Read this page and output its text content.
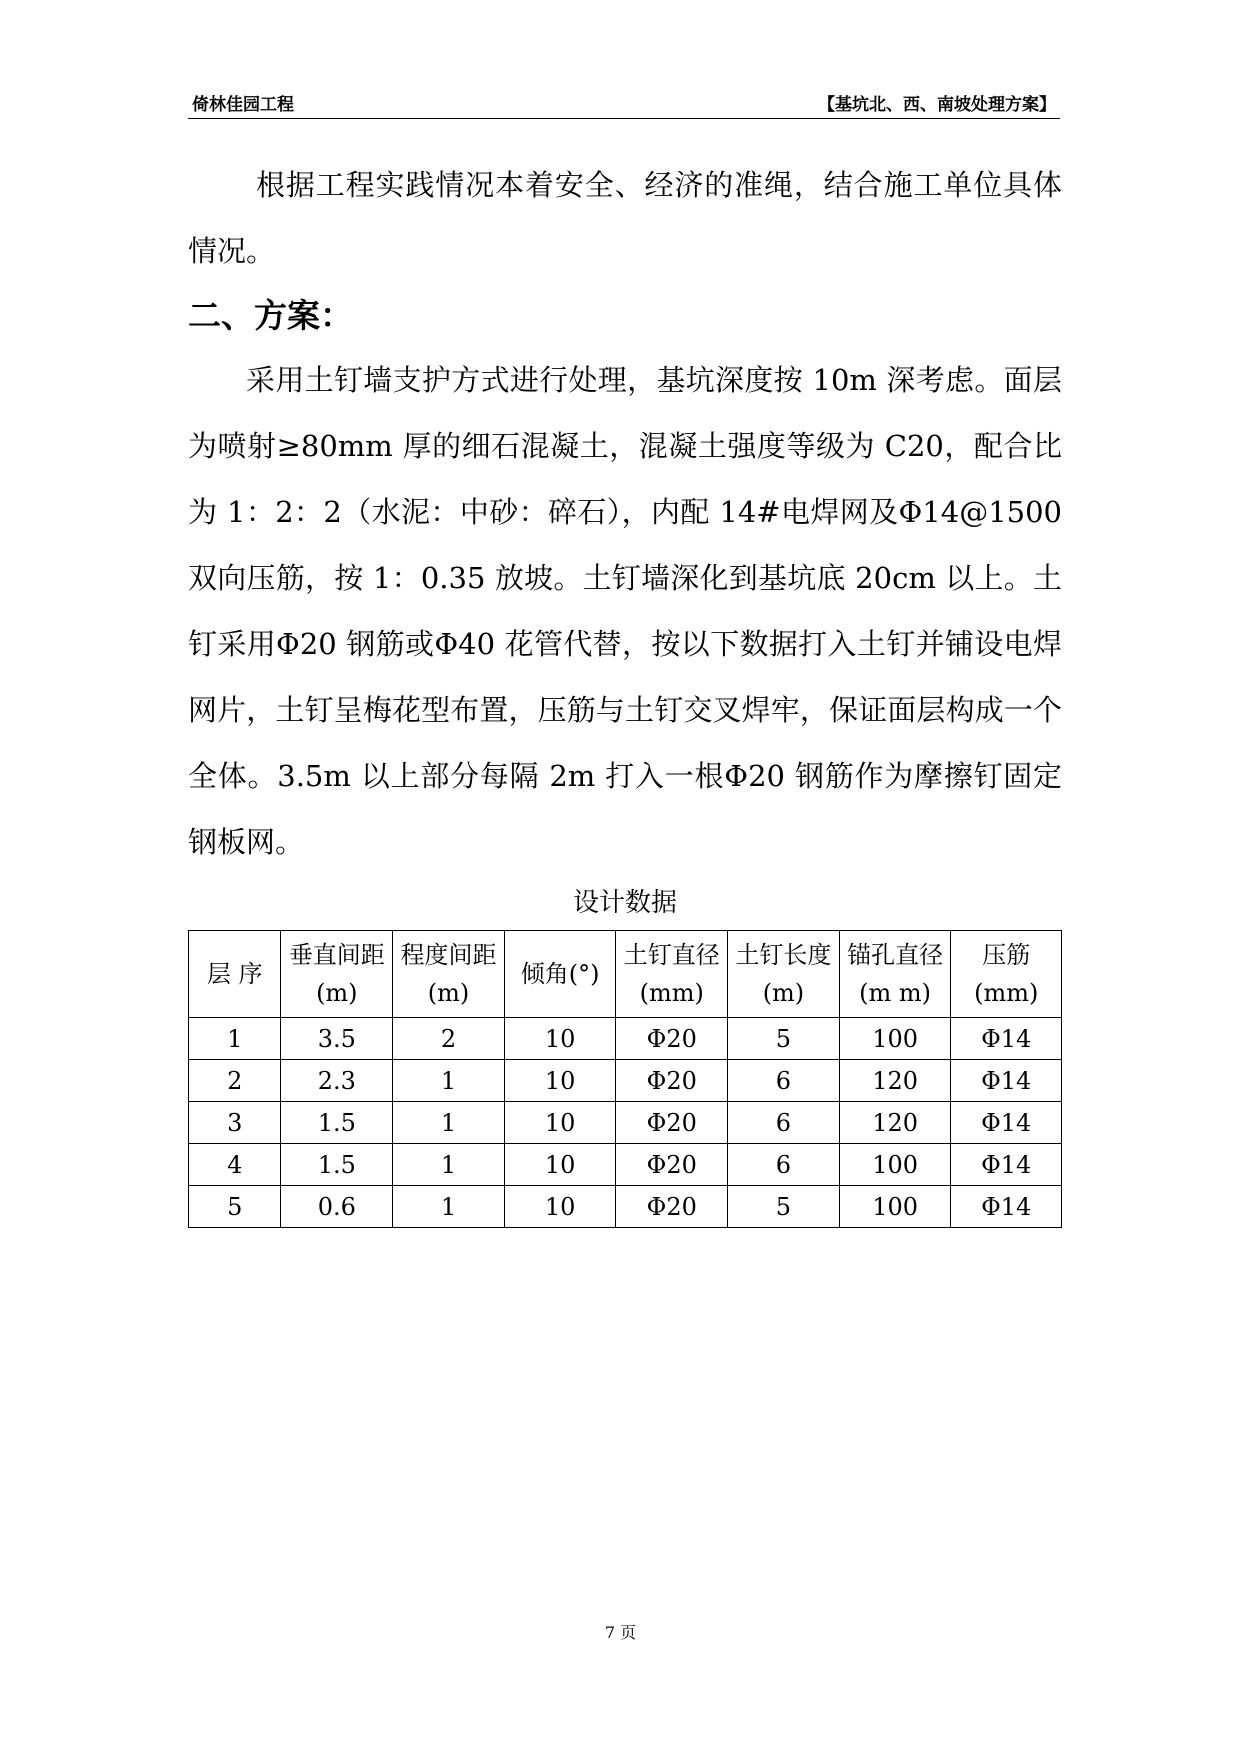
倚林佳园工程	【基坑北、西、南坡处理方案】
根据工程实践情况本着安全、经济的准绳，结合施工单位具体情况。
二、方案：
采用土钉墙支护方式进行处理，基坑深度按 10m 深考虑。面层为喷射≥80mm 厚的细石混凝土，混凝土强度等级为 C20，配合比为 1：2：2（水泥：中砂：碎石），内配 14#电焊网及Φ14@1500 双向压筋，按 1：0.35 放坡。土钉墙深化到基坑底 20cm 以上。土钉采用Φ20 钢筋或Φ40 花管代替，按以下数据打入土钉并铺设电焊网片，土钉呈梅花型布置，压筋与土钉交叉焊牢，保证面层构成一个全体。3.5m 以上部分每隔 2m 打入一根Φ20 钢筋作为摩擦钉固定钢板网。
设计数据
层 序	垂直间距(m)	程度间距(m)	倾角(°)	土钉直径(mm)	土钉长度(m)	锚孔直径(m m)	压筋 (mm)
1	3.5	2	10	Φ20	5	100	Φ14
2	2.3	1	10	Φ20	6	120	Φ14
3	1.5	1	10	Φ20	6	120	Φ14
4	1.5	1	10	Φ20	6	100	Φ14
5	0.6	1	10	Φ20	5	100	Φ14
7 页
